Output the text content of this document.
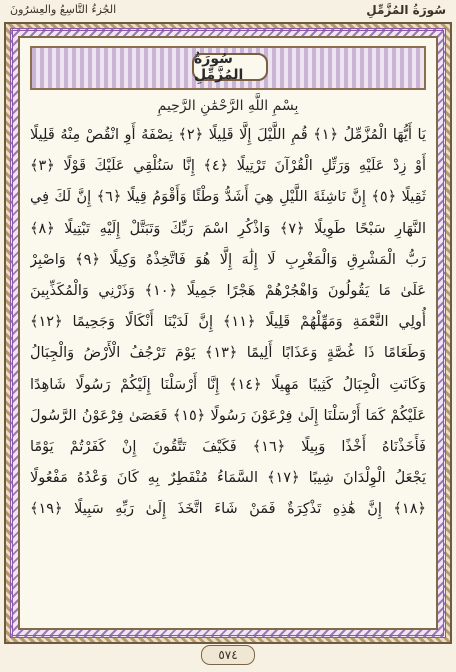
سُورَةُ المُزَّمِّلِ
الجُزءُ التَّاسِعُ والعِشرُونَ
سُورَةُ المُزَّمِّلِ
بِسْمِ اللَّهِ الرَّحْمَٰنِ الرَّحِيمِ
يَا أَيُّهَا الْمُزَّمِّلُ ﴿١﴾ قُمِ اللَّيْلَ إِلَّا قَلِيلًا ﴿٢﴾ نِصْفَهُ أَوِ انْقُصْ مِنْهُ قَلِيلًا
أَوْ زِدْ عَلَيْهِ وَرَتِّلِ الْقُرْآنَ تَرْتِيلًا ﴿٤﴾ إِنَّا سَنُلْقِي عَلَيْكَ قَوْلًا ﴿٣﴾
ثَقِيلًا ﴿٥﴾ إِنَّ نَاشِئَةَ اللَّيْلِ هِيَ أَشَدُّ وَطْئًا وَأَقْوَمُ قِيلًا ﴿٦﴾ إِنَّ لَكَ فِي
النَّهَارِ سَبْحًا طَوِيلًا ﴿٧﴾ وَاذْكُرِ اسْمَ رَبِّكَ وَتَبَتَّلْ إِلَيْهِ تَبْتِيلًا ﴿٨﴾
رَبُّ الْمَشْرِقِ وَالْمَغْرِبِ لَا إِلَٰهَ إِلَّا هُوَ فَاتَّخِذْهُ وَكِيلًا ﴿٩﴾ وَاصْبِرْ
عَلَىٰ مَا يَقُولُونَ وَاهْجُرْهُمْ هَجْرًا جَمِيلًا ﴿١٠﴾ وَذَرْنِي وَالْمُكَذِّبِينَ
أُولِي النَّعْمَةِ وَمَهِّلْهُمْ قَلِيلًا ﴿١١﴾ إِنَّ لَدَيْنَا أَنْكَالًا وَجَحِيمًا ﴿١٢﴾
وَطَعَامًا ذَا غُصَّةٍ وَعَذَابًا أَلِيمًا ﴿١٣﴾ يَوْمَ تَرْجُفُ الْأَرْضُ وَالْجِبَالُ
وَكَانَتِ الْجِبَالُ كَثِيبًا مَهِيلًا ﴿١٤﴾ إِنَّا أَرْسَلْنَا إِلَيْكُمْ رَسُولًا شَاهِدًا
عَلَيْكُمْ كَمَا أَرْسَلْنَا إِلَىٰ فِرْعَوْنَ رَسُولًا ﴿١٥﴾ فَعَصَىٰ فِرْعَوْنُ الرَّسُولَ
فَأَخَذْنَاهُ أَخْذًا وَبِيلًا ﴿١٦﴾ فَكَيْفَ تَتَّقُونَ إِنْ كَفَرْتُمْ يَوْمًا
يَجْعَلُ الْوِلْدَانَ شِيبًا ﴿١٧﴾ السَّمَاءُ مُنْفَطِرٌ بِهِ كَانَ وَعْدُهُ مَفْعُولًا
﴿١٨﴾ إِنَّ هَٰذِهِ تَذْكِرَةٌ فَمَنْ شَاءَ اتَّخَذَ إِلَىٰ رَبِّهِ سَبِيلًا ﴿١٩﴾
٥٧٤
